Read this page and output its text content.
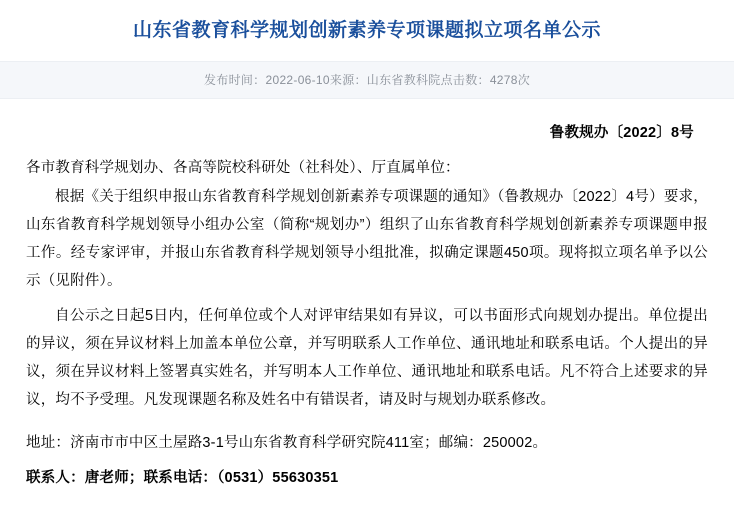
山东省教育科学规划创新素养专项课题拟立项名单公示
发布时间：2022-06-10来源：山东省教科院点击数：4278次
鲁教规办〔2022〕8号
各市教育科学规划办、各高等院校科研处（社科处）、厅直属单位：

根据《关于组织申报山东省教育科学规划创新素养专项课题的通知》（鲁教规办〔2022〕4号）要求，山东省教育科学规划领导小组办公室（简称“规划办”）组织了山东省教育科学规划创新素养专项课题申报工作。经专家评审，并报山东省教育科学规划领导小组批准，拟确定课题450项。现将拟立项名单予以公示（见附件）。

自公示之日起5日内，任何单位或个人对评审结果如有异议，可以书面形式向规划办提出。单位提出的异议，须在异议材料上加盖本单位公章，并写明联系人工作单位、通讯地址和联系电话。个人提出的异议，须在异议材料上签署真实姓名，并写明本人工作单位、通讯地址和联系电话。凡不符合上述要求的异议，均不予受理。凡发现课题名称及姓名中有错误者，请及时与规划办联系修改。

地址：济南市市中区土屋路3-1号山东省教育科学研究院411室；邮编：250002。
联系人：唐老师；联系电话：（0531）55630351
